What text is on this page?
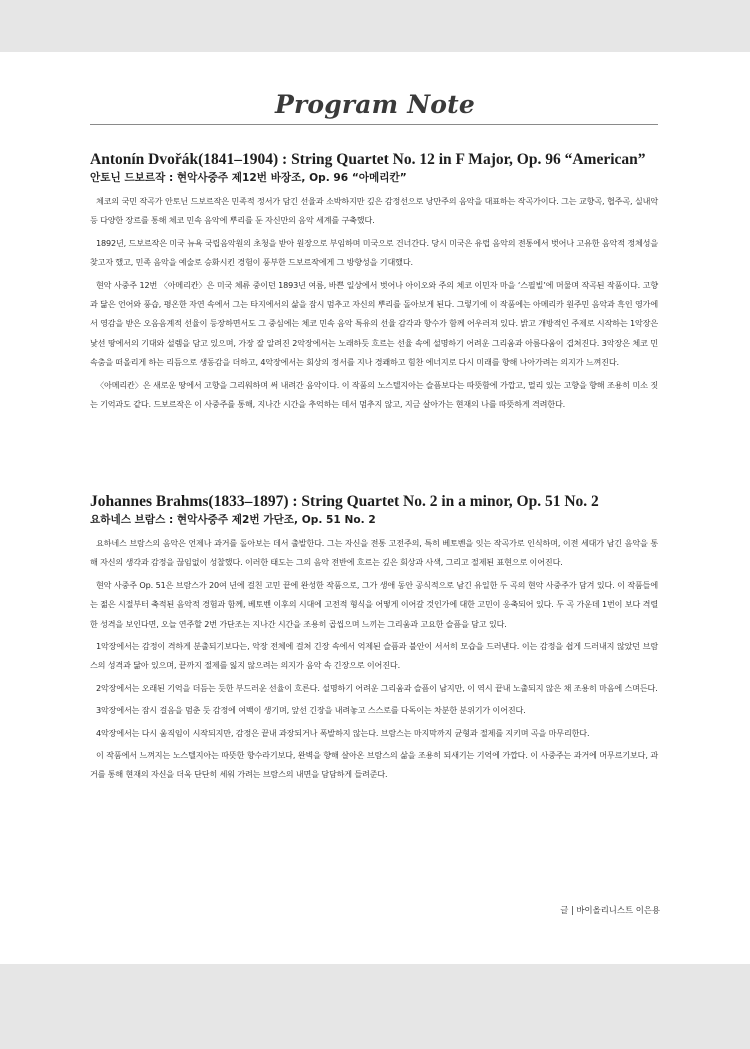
Program Note
Antonín Dvořák(1841–1904) : String Quartet No. 12 in F Major, Op. 96 “American”
안토닌 드보르작 : 현악사중주 제12번 바장조, Op. 96 “아메리칸”

체코의 국민 작곡가 안토닌 드보르작은 민족적 정서가 담긴 선율과 소박하지만 깊은 감정선으로 낭만주의 음악을 대표하는 작곡가이다. 그는 교향곡, 협주곡, 실내악 등 다양한 장르를 통해 체코 민속 음악에 뿌리를 둔 자신만의 음악 세계를 구축했다.

1892년, 드보르작은 미국 뉴욕 국립음악원의 초청을 받아 원장으로 부임하며 미국으로 건너간다. 당시 미국은 유럽 음악의 전통에서 벗어나 고유한 음악적 정체성을 찾고자 했고, 민족 음악을 예술로 승화시킨 경험이 풍부한 드보르작에게 그 방향성을 기대했다.

현악 사중주 12번 〈아메리칸〉은 미국 체류 중이던 1893년 여름, 바쁜 일상에서 벗어나 아이오와 주의 체코 이민자 마을 ‘스필빌’에 머물며 작곡된 작품이다. 고향과 닮은 언어와 풍습, 평온한 자연 속에서 그는 타지에서의 삶을 잠시 멈추고 자신의 뿌리를 돌아보게 된다. 그렇기에 이 작품에는 아메리카 원주민 음악과 흑인 영가에서 영감을 받은 오음음계적 선율이 등장하면서도 그 중심에는 체코 민속 음악 특유의 선율 감각과 향수가 함께 어우러져 있다. 밝고 개방적인 주제로 시작하는 1악장은 낯선 땅에서의 기대와 설렘을 담고 있으며, 가장 잘 알려진 2악장에서는 노래하듯 흐르는 선율 속에 설명하기 어려운 그리움과 아름다움이 겹쳐진다. 3악장은 체코 민속춤을 떠올리게 하는 리듬으로 생동감을 더하고, 4악장에서는 회상의 정서를 지나 경쾌하고 힘찬 에너지로 다시 미래를 향해 나아가려는 의지가 느껴진다.

〈아메리칸〉은 새로운 땅에서 고향을 그리워하며 써 내려간 음악이다. 이 작품의 노스텔지아는 슬픔보다는 따뜻함에 가깝고, 멀리 있는 고향을 향해 조용히 미소 짓는 기억과도 같다. 드보르작은 이 사중주를 통해, 지나간 시간을 추억하는 데서 멈추지 않고, 지금 살아가는 현재의 나를 따뜻하게 격려한다.

Johannes Brahms(1833–1897) : String Quartet No. 2 in a minor, Op. 51 No. 2
요하네스 브람스 : 현악사중주 제2번 가단조, Op. 51 No. 2

요하네스 브람스의 음악은 언제나 과거를 돌아보는 데서 출발한다. 그는 자신을 전통 고전주의, 특히 베토벤을 잇는 작곡가로 인식하며, 이전 세대가 남긴 음악을 통해 자신의 생각과 감정을 끊임없이 성찰했다. 이러한 태도는 그의 음악 전반에 흐르는 깊은 회상과 사색, 그리고 절제된 표현으로 이어진다.

현악 사중주 Op. 51은 브람스가 20여 년에 걸친 고민 끝에 완성한 작품으로, 그가 생애 동안 공식적으로 남긴 유일한 두 곡의 현악 사중주가 담겨 있다. 이 작품들에는 젊은 시절부터 축적된 음악적 경험과 함께, 베토벤 이후의 시대에 고전적 형식을 어떻게 이어갈 것인가에 대한 고민이 응축되어 있다. 두 곡 가운데 1번이 보다 격렬한 성격을 보인다면, 오늘 연주할 2번 가단조는 지나간 시간을 조용히 곱씹으며 느끼는 그리움과 고요한 슬픔을 담고 있다.

1악장에서는 감정이 격하게 분출되기보다는, 악장 전체에 걸쳐 긴장 속에서 억제된 슬픔과 불안이 서서히 모습을 드러낸다. 이는 감정을 쉽게 드러내지 않았던 브람스의 성격과 닮아 있으며, 끝까지 절제를 잃지 않으려는 의지가 음악 속 긴장으로 이어진다.

2악장에서는 오래된 기억을 더듬는 듯한 부드러운 선율이 흐른다. 설명하기 어려운 그리움과 슬픔이 남지만, 이 역시 끝내 노출되지 않은 채 조용히 마음에 스며든다.

3악장에서는 잠시 걸음을 멈춘 듯 감정에 여백이 생기며, 앞선 긴장을 내려놓고 스스로를 다독이는 차분한 분위기가 이어진다.

4악장에서는 다시 움직임이 시작되지만, 감정은 끝내 과장되거나 폭발하지 않는다. 브람스는 마지막까지 균형과 절제를 지키며 곡을 마무리한다.

이 작품에서 느껴지는 노스텔지아는 따뜻한 향수라기보다, 완벽을 향해 살아온 브람스의 삶을 조용히 되새기는 기억에 가깝다. 이 사중주는 과거에 머무르기보다, 과거를 통해 현재의 자신을 더욱 단단히 세워 가려는 브람스의 내면을 담담하게 들려준다.

글 | 바이올리니스트 이은용
